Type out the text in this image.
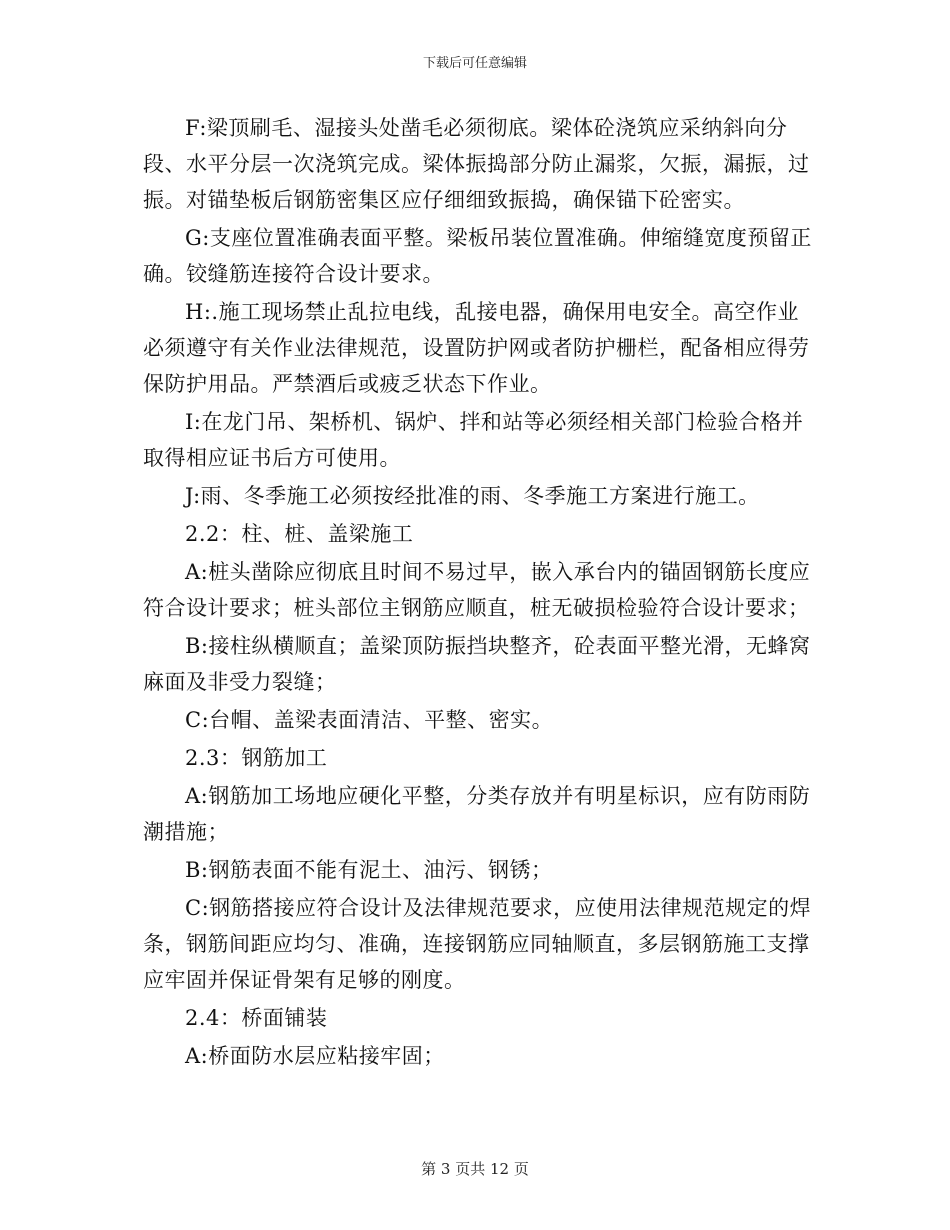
下载后可任意编辑

F:梁顶刷毛、湿接头处凿毛必须彻底。梁体砼浇筑应采纳斜向分段、水平分层一次浇筑完成。梁体振捣部分防止漏浆，欠振，漏振，过振。对锚垫板后钢筋密集区应仔细细致振捣，确保锚下砼密实。

G:支座位置准确表面平整。梁板吊装位置准确。伸缩缝宽度预留正确。铰缝筋连接符合设计要求。

H:.施工现场禁止乱拉电线，乱接电器，确保用电安全。高空作业必须遵守有关作业法律规范，设置防护网或者防护栅栏，配备相应得劳保防护用品。严禁酒后或疲乏状态下作业。

I:在龙门吊、架桥机、锅炉、拌和站等必须经相关部门检验合格并取得相应证书后方可使用。

J:雨、冬季施工必须按经批准的雨、冬季施工方案进行施工。

2.2：柱、桩、盖梁施工

A:桩头凿除应彻底且时间不易过早，嵌入承台内的锚固钢筋长度应符合设计要求；桩头部位主钢筋应顺直，桩无破损检验符合设计要求；

B:接柱纵横顺直；盖梁顶防振挡块整齐，砼表面平整光滑，无蜂窝麻面及非受力裂缝；

C:台帽、盖梁表面清洁、平整、密实。

2.3：钢筋加工

A:钢筋加工场地应硬化平整，分类存放并有明星标识，应有防雨防潮措施；

B:钢筋表面不能有泥土、油污、钢锈；

C:钢筋搭接应符合设计及法律规范要求，应使用法律规范规定的焊条，钢筋间距应均匀、准确，连接钢筋应同轴顺直，多层钢筋施工支撑应牢固并保证骨架有足够的刚度。

2.4：桥面铺装

A:桥面防水层应粘接牢固；

第 3 页共 12 页
